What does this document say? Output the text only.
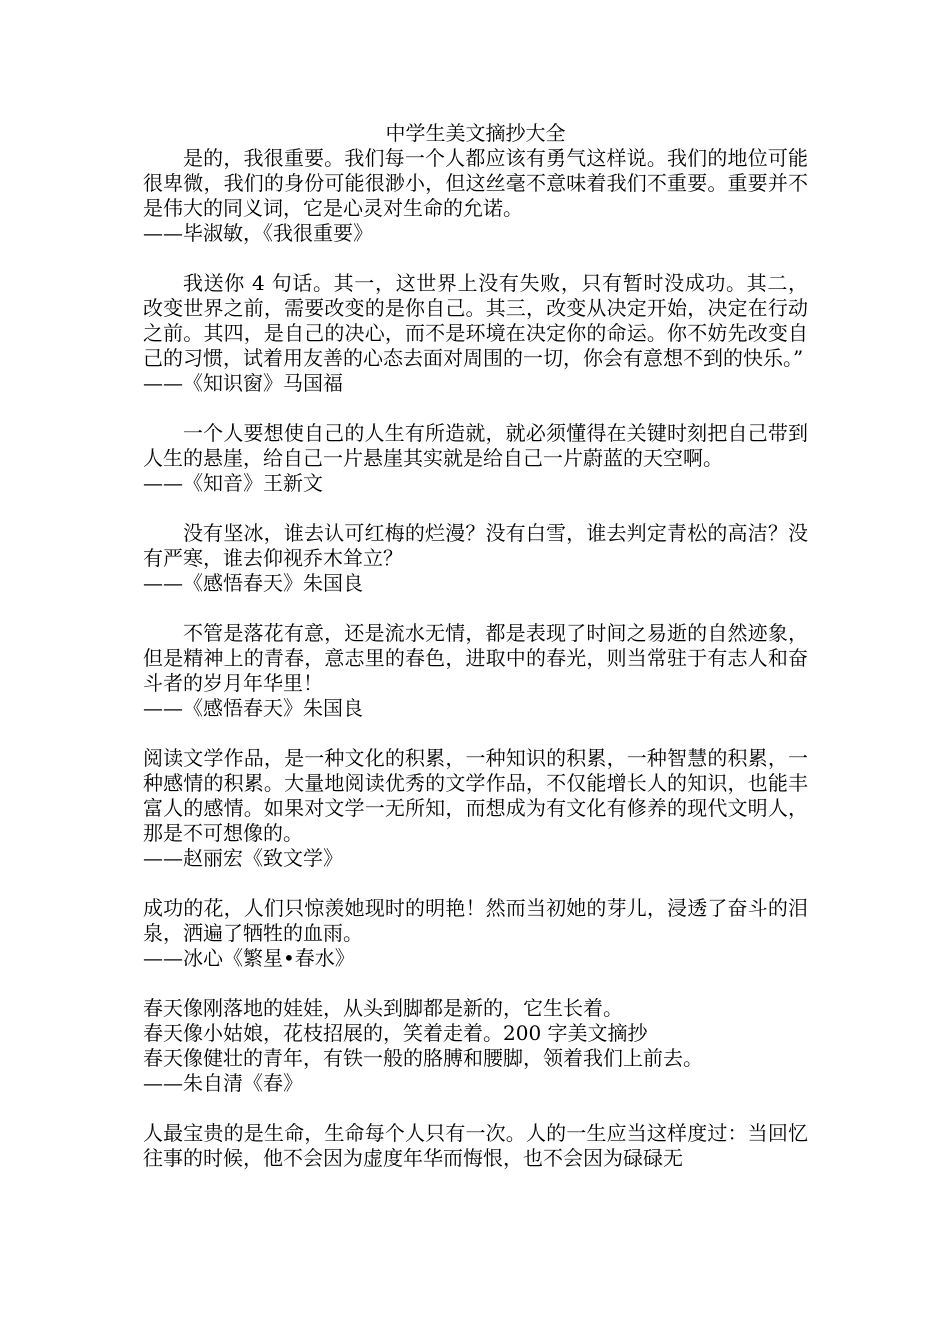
中学生美文摘抄大全

是的，我很重要。我们每一个人都应该有勇气这样说。我们的地位可能很卑微，我们的身份可能很渺小，但这丝毫不意味着我们不重要。重要并不是伟大的同义词，它是心灵对生命的允诺。

——毕淑敏，《我很重要》

我送你 4 句话。其一，这世界上没有失败，只有暂时没成功。其二，改变世界之前，需要改变的是你自己。其三，改变从决定开始，决定在行动之前。其四，是自己的决心，而不是环境在决定你的命运。你不妨先改变自己的习惯，试着用友善的心态去面对周围的一切，你会有意想不到的快乐。”

——《知识窗》马国福

一个人要想使自己的人生有所造就，就必须懂得在关键时刻把自己带到人生的悬崖，给自己一片悬崖其实就是给自己一片蔚蓝的天空啊。

——《知音》王新文

没有坚冰，谁去认可红梅的烂漫？没有白雪，谁去判定青松的高洁？没有严寒，谁去仰视乔木耸立？

——《感悟春天》朱国良

不管是落花有意，还是流水无情，都是表现了时间之易逝的自然迹象，但是精神上的青春，意志里的春色，进取中的春光，则当常驻于有志人和奋斗者的岁月年华里！

——《感悟春天》朱国良

阅读文学作品，是一种文化的积累，一种知识的积累，一种智慧的积累，一种感情的积累。大量地阅读优秀的文学作品，不仅能增长人的知识，也能丰富人的感情。如果对文学一无所知，而想成为有文化有修养的现代文明人，那是不可想像的。

——赵丽宏《致文学》

成功的花，人们只惊羡她现时的明艳！然而当初她的芽儿，浸透了奋斗的泪泉，洒遍了牺牲的血雨。

——冰心《繁星•春水》

春天像刚落地的娃娃，从头到脚都是新的，它生长着。

春天像小姑娘，花枝招展的，笑着走着。200 字美文摘抄

春天像健壮的青年，有铁一般的胳膊和腰脚，领着我们上前去。

——朱自清《春》

人最宝贵的是生命，生命每个人只有一次。人的一生应当这样度过：当回忆往事的时候，他不会因为虚度年华而悔恨，也不会因为碌碌无
